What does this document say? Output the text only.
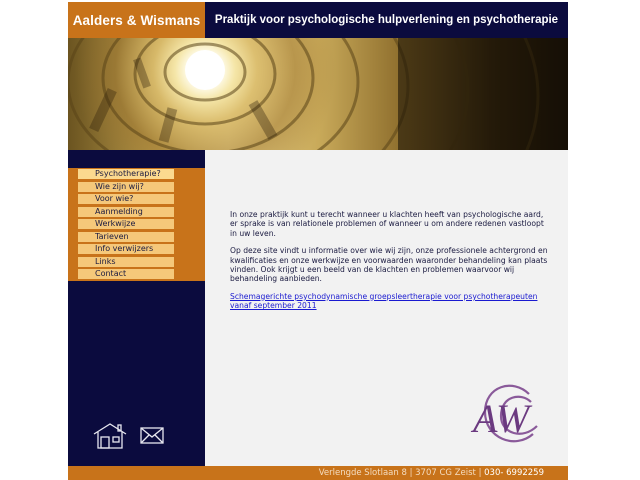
Aalders & Wismans Praktijk voor psychologische hulpverlening en psychotherapie
Psychotherapie?
Wie zijn wij?
Voor wie?
Aanmelding
Werkwijze
Tarieven
Info verwijzers
Links
Contact

In onze praktijk kunt u terecht wanneer u klachten heeft van psychologische aard, er sprake is van relationele problemen of wanneer u om andere redenen vastloopt in uw leven.

Op deze site vindt u informatie over wie wij zijn, onze professionele achtergrond en kwalificaties en onze werkwijze en voorwaarden waaronder behandeling kan plaats vinden. Ook krijgt u een beeld van de klachten en problemen waarvoor wij behandeling aanbieden.

Schemagerichte psychodynamische groepsleertherapie voor psychotherapeuten vanaf september 2011

AW
Verlengde Slotlaan 8 | 3707 CG Zeist | 030- 6992259
